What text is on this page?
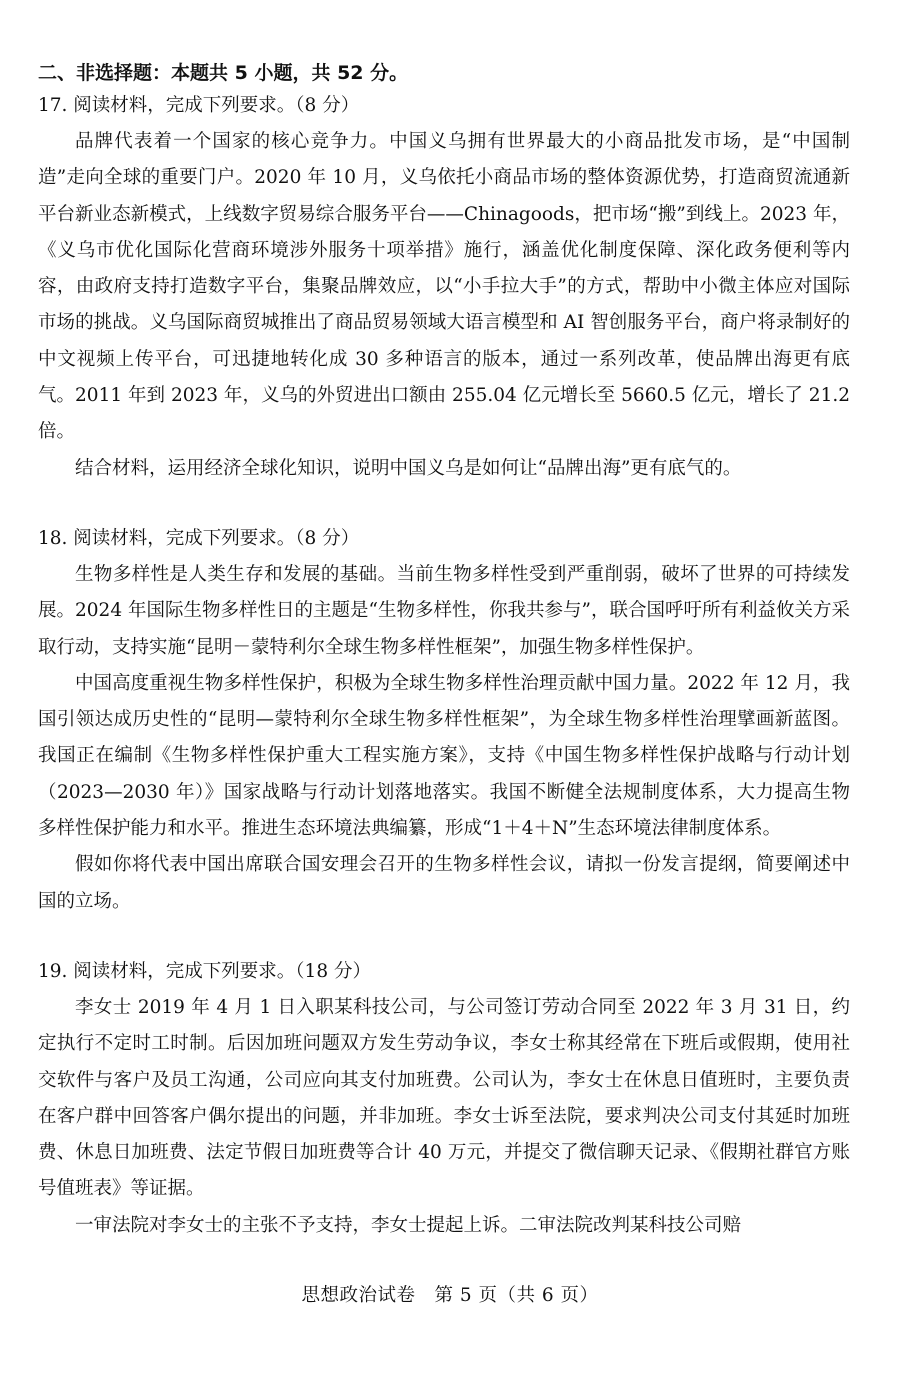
二、非选择题：本题共 5 小题，共 52 分。

17. 阅读材料，完成下列要求。（8 分）

品牌代表着一个国家的核心竞争力。中国义乌拥有世界最大的小商品批发市场，是“中国制造”走向全球的重要门户。2020 年 10 月，义乌依托小商品市场的整体资源优势，打造商贸流通新平台新业态新模式，上线数字贸易综合服务平台——Chinagoods，把市场“搬”到线上。2023 年，《义乌市优化国际化营商环境涉外服务十项举措》施行，涵盖优化制度保障、深化政务便利等内容，由政府支持打造数字平台，集聚品牌效应，以“小手拉大手”的方式，帮助中小微主体应对国际市场的挑战。义乌国际商贸城推出了商品贸易领域大语言模型和 AI 智创服务平台，商户将录制好的中文视频上传平台，可迅捷地转化成 30 多种语言的版本，通过一系列改革，使品牌出海更有底气。2011 年到 2023 年，义乌的外贸进出口额由 255.04 亿元增长至 5660.5 亿元，增长了 21.2 倍。

结合材料，运用经济全球化知识，说明中国义乌是如何让“品牌出海”更有底气的。

18. 阅读材料，完成下列要求。（8 分）

生物多样性是人类生存和发展的基础。当前生物多样性受到严重削弱，破坏了世界的可持续发展。2024 年国际生物多样性日的主题是“生物多样性，你我共参与”，联合国呼吁所有利益攸关方采取行动，支持实施“昆明－蒙特利尔全球生物多样性框架”，加强生物多样性保护。

中国高度重视生物多样性保护，积极为全球生物多样性治理贡献中国力量。2022 年 12 月，我国引领达成历史性的“昆明—蒙特利尔全球生物多样性框架”，为全球生物多样性治理擘画新蓝图。我国正在编制《生物多样性保护重大工程实施方案》，支持《中国生物多样性保护战略与行动计划（2023—2030 年）》国家战略与行动计划落地落实。我国不断健全法规制度体系，大力提高生物多样性保护能力和水平。推进生态环境法典编纂，形成“1＋4＋N”生态环境法律制度体系。

假如你将代表中国出席联合国安理会召开的生物多样性会议，请拟一份发言提纲，简要阐述中国的立场。

19. 阅读材料，完成下列要求。（18 分）

李女士 2019 年 4 月 1 日入职某科技公司，与公司签订劳动合同至 2022 年 3 月 31 日，约定执行不定时工时制。后因加班问题双方发生劳动争议，李女士称其经常在下班后或假期，使用社交软件与客户及员工沟通，公司应向其支付加班费。公司认为，李女士在休息日值班时，主要负责在客户群中回答客户偶尔提出的问题，并非加班。李女士诉至法院，要求判决公司支付其延时加班费、休息日加班费、法定节假日加班费等合计 40 万元，并提交了微信聊天记录、《假期社群官方账号值班表》等证据。

一审法院对李女士的主张不予支持，李女士提起上诉。二审法院改判某科技公司赔

思想政治试卷　第 5 页（共 6 页）
